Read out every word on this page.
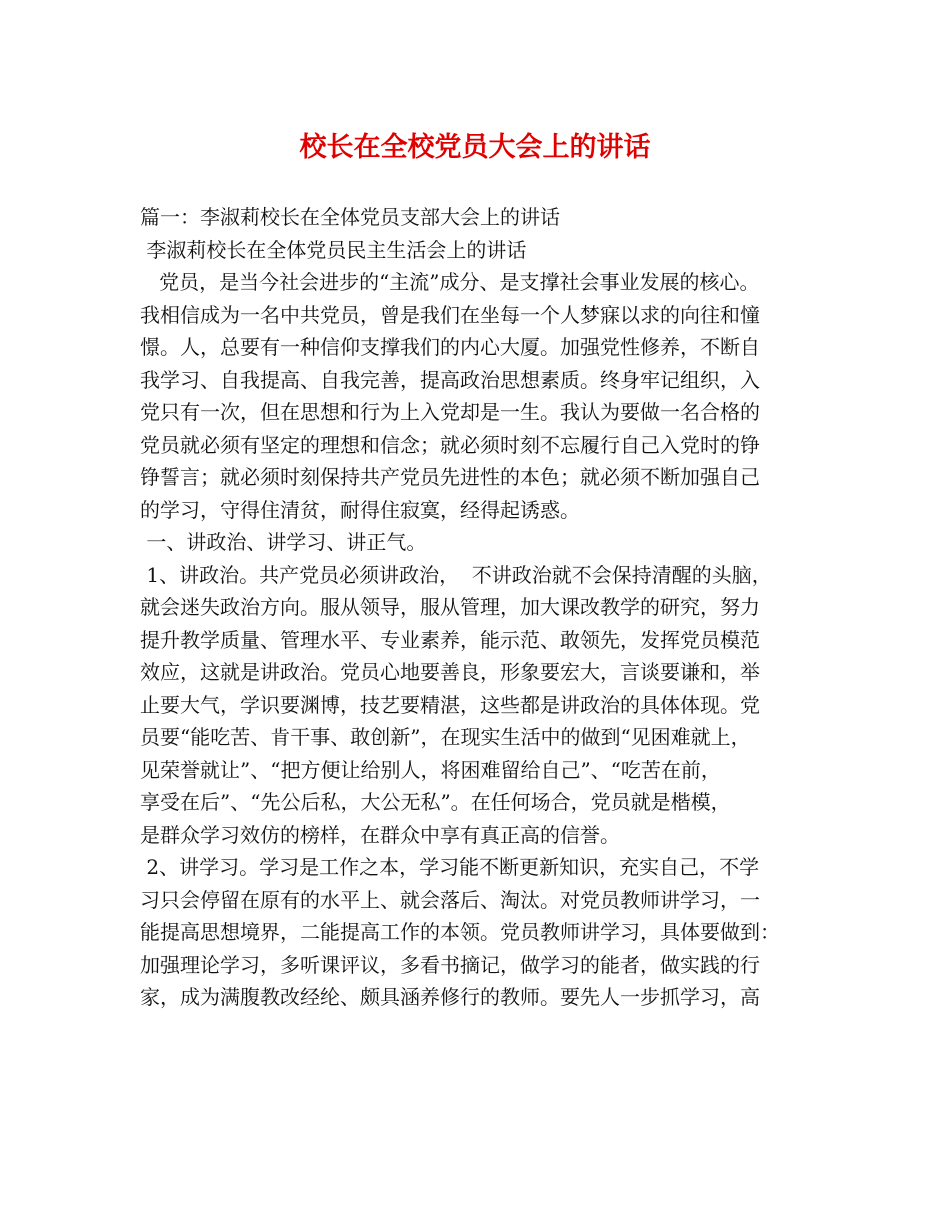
校长在全校党员大会上的讲话
篇一：李淑莉校长在全体党员支部大会上的讲话
李淑莉校长在全体党员民主生活会上的讲话
党员，是当今社会进步的“主流”成分、是支撑社会事业发展的核心。
我相信成为一名中共党员，曾是我们在坐每一个人梦寐以求的向往和憧
憬。人，总要有一种信仰支撑我们的内心大厦。加强党性修养，不断自
我学习、自我提高、自我完善，提高政治思想素质。终身牢记组织，入
党只有一次，但在思想和行为上入党却是一生。我认为要做一名合格的
党员就必须有坚定的理想和信念；就必须时刻不忘履行自己入党时的铮
铮誓言；就必须时刻保持共产党员先进性的本色；就必须不断加强自己
的学习，守得住清贫，耐得住寂寞，经得起诱惑。
一、讲政治、讲学习、讲正气。
1、讲政治。共产党员必须讲政治，  不讲政治就不会保持清醒的头脑，
就会迷失政治方向。服从领导，服从管理，加大课改教学的研究，努力
提升教学质量、管理水平、专业素养，能示范、敢领先，发挥党员模范
效应，这就是讲政治。党员心地要善良，形象要宏大，言谈要谦和，举
止要大气，学识要渊博，技艺要精湛，这些都是讲政治的具体体现。党
员要“能吃苦、肯干事、敢创新”，在现实生活中的做到“见困难就上，
见荣誉就让”、“把方便让给别人，将困难留给自己”、“吃苦在前，
享受在后”、“先公后私，大公无私”。在任何场合，党员就是楷模，
是群众学习效仿的榜样，在群众中享有真正高的信誉。
2、讲学习。学习是工作之本，学习能不断更新知识，充实自己，不学
习只会停留在原有的水平上、就会落后、淘汰。对党员教师讲学习，一
能提高思想境界，二能提高工作的本领。党员教师讲学习，具体要做到：
加强理论学习，多听课评议，多看书摘记，做学习的能者，做实践的行
家，成为满腹教改经纶、颇具涵养修行的教师。要先人一步抓学习，高
